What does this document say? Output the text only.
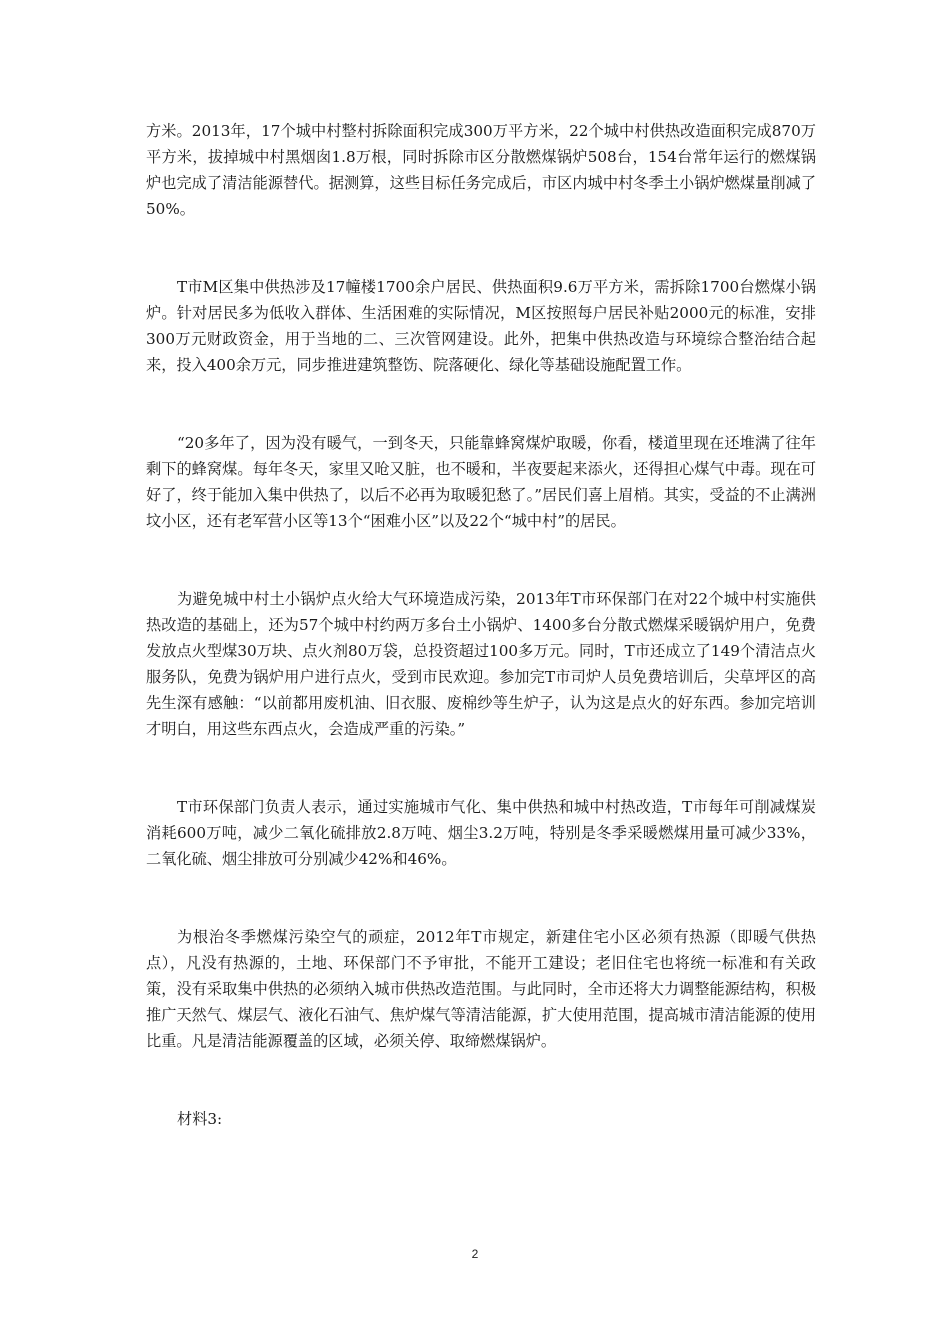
方米。2013年，17个城中村整村拆除面积完成300万平方米，22个城中村供热改造面积完成870万平方米，拔掉城中村黑烟囱1.8万根，同时拆除市区分散燃煤锅炉508台，154台常年运行的燃煤锅炉也完成了清洁能源替代。据测算，这些目标任务完成后，市区内城中村冬季土小锅炉燃煤量削减了50%。

T市M区集中供热涉及17幢楼1700余户居民、供热面积9.6万平方米，需拆除1700台燃煤小锅炉。针对居民多为低收入群体、生活困难的实际情况，M区按照每户居民补贴2000元的标准，安排300万元财政资金，用于当地的二、三次管网建设。此外，把集中供热改造与环境综合整治结合起来，投入400余万元，同步推进建筑整饬、院落硬化、绿化等基础设施配置工作。

“20多年了，因为没有暖气，一到冬天，只能靠蜂窝煤炉取暖，你看，楼道里现在还堆满了往年剩下的蜂窝煤。每年冬天，家里又呛又脏，也不暖和，半夜要起来添火，还得担心煤气中毒。现在可好了，终于能加入集中供热了，以后不必再为取暖犯愁了。”居民们喜上眉梢。其实，受益的不止满洲坟小区，还有老军营小区等13个“困难小区”以及22个“城中村”的居民。

为避免城中村土小锅炉点火给大气环境造成污染，2013年T市环保部门在对22个城中村实施供热改造的基础上，还为57个城中村约两万多台土小锅炉、1400多台分散式燃煤采暖锅炉用户，免费发放点火型煤30万块、点火剂80万袋，总投资超过100多万元。同时，T市还成立了149个清洁点火服务队，免费为锅炉用户进行点火，受到市民欢迎。参加完T市司炉人员免费培训后，尖草坪区的高先生深有感触：“以前都用废机油、旧衣服、废棉纱等生炉子，认为这是点火的好东西。参加完培训才明白，用这些东西点火，会造成严重的污染。”

T市环保部门负责人表示，通过实施城市气化、集中供热和城中村热改造，T市每年可削减煤炭消耗600万吨，减少二氧化硫排放2.8万吨、烟尘3.2万吨，特别是冬季采暖燃煤用量可减少33%，二氧化硫、烟尘排放可分别减少42%和46%。

为根治冬季燃煤污染空气的顽症，2012年T市规定，新建住宅小区必须有热源（即暖气供热点），凡没有热源的，土地、环保部门不予审批，不能开工建设；老旧住宅也将统一标准和有关政策，没有采取集中供热的必须纳入城市供热改造范围。与此同时，全市还将大力调整能源结构，积极推广天然气、煤层气、液化石油气、焦炉煤气等清洁能源，扩大使用范围，提高城市清洁能源的使用比重。凡是清洁能源覆盖的区域，必须关停、取缔燃煤锅炉。

材料3:

2
